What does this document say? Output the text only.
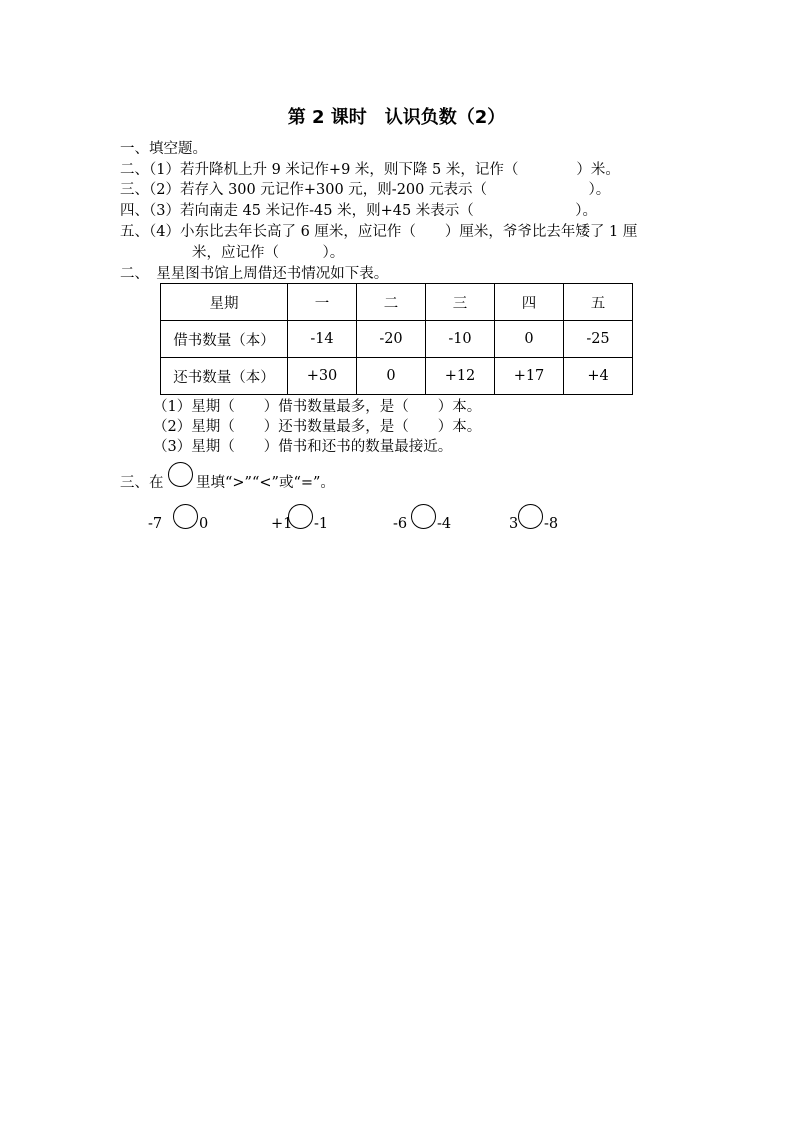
第 2 课时　认识负数（2）
一、填空题。
二、（1）若升降机上升 9 米记作+9 米，则下降 5 米，记作（　　　　）米。
三、（2）若存入 300 元记作+300 元，则-200 元表示（　　　　　　　）。
四、（3）若向南走 45 米记作-45 米，则+45 米表示（　　　　　　　）。
五、（4）小东比去年长高了 6 厘米，应记作（　　）厘米，爷爷比去年矮了 1 厘
米，应记作（　　　）。
二、　星星图书馆上周借还书情况如下表。
星期	一	二	三	四	五
借书数量（本）	-14	-20	-10	0	-25
还书数量（本）	+30	0	+12	+17	+4
（1）星期（　　）借书数量最多，是（　　）本。
（2）星期（　　）还书数量最多，是（　　）本。
（3）星期（　　）借书和还书的数量最接近。
三、在 里填“>”“<”或“=”。
-7	0	+1 -1	-6 -4	3 -8
